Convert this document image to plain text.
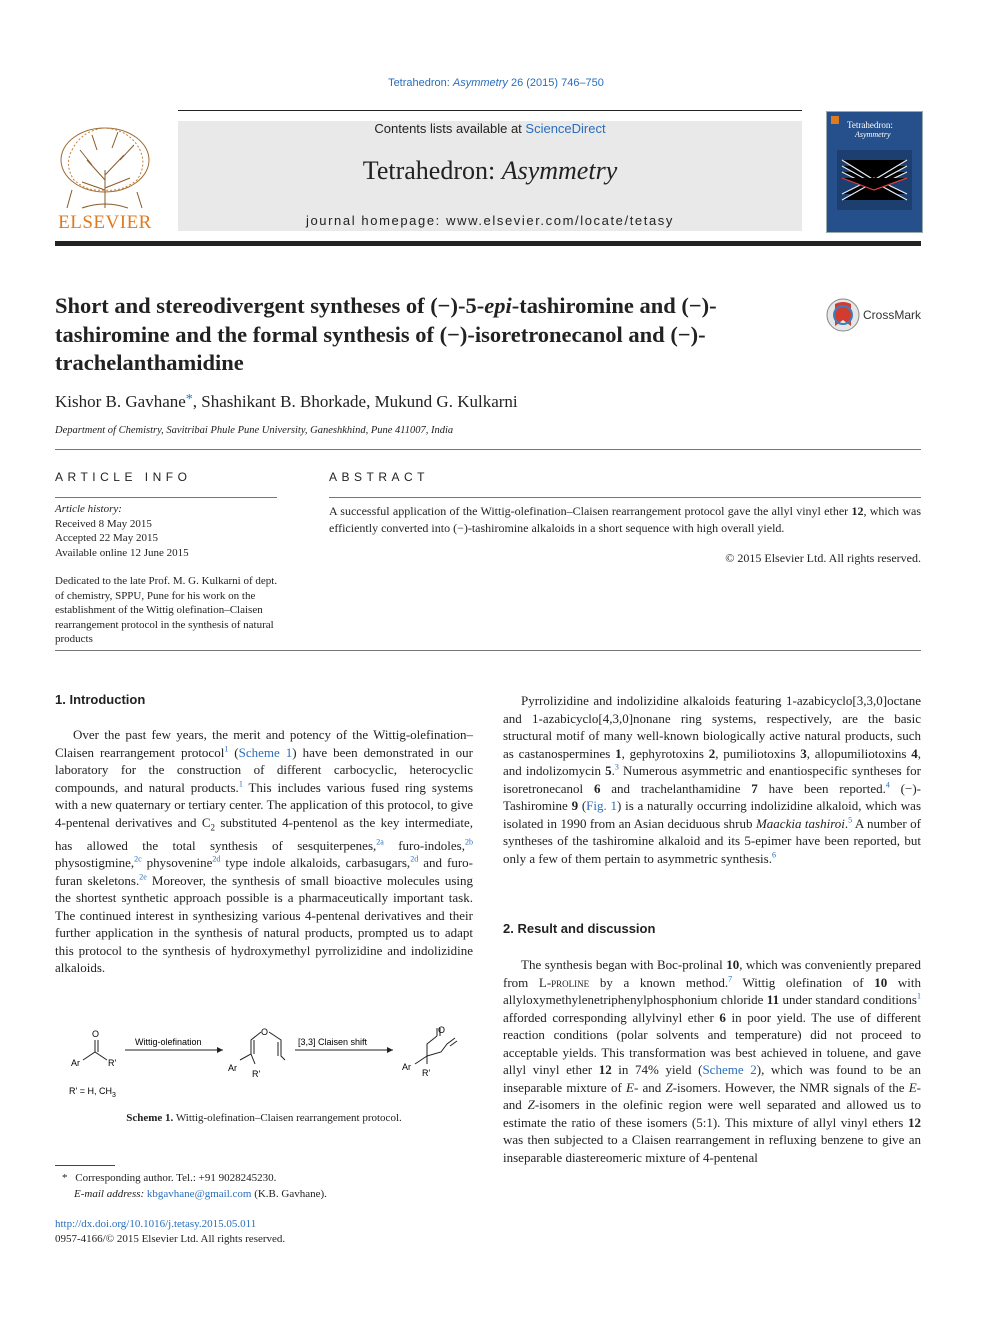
Tetrahedron: Asymmetry 26 (2015) 746–750
ELSEVIER
Contents lists available at ScienceDirect
Tetrahedron: Asymmetry
journal homepage: www.elsevier.com/locate/tetasy
Tetrahedron:
Asymmetry
Short and stereodivergent syntheses of (−)-5-epi-tashiromine and (−)-tashiromine and the formal synthesis of (−)-isoretronecanol and (−)-trachelanthamidine
CrossMark
Kishor B. Gavhane*, Shashikant B. Bhorkade, Mukund G. Kulkarni
Department of Chemistry, Savitribai Phule Pune University, Ganeshkhind, Pune 411007, India
ARTICLE INFO
Article history:
Received 8 May 2015
Accepted 22 May 2015
Available online 12 June 2015
Dedicated to the late Prof. M. G. Kulkarni of dept. of chemistry, SPPU, Pune for his work on the establishment of the Wittig olefination–Claisen rearrangement protocol in the synthesis of natural products
ABSTRACT
A successful application of the Wittig-olefination–Claisen rearrangement protocol gave the allyl vinyl ether 12, which was efficiently converted into (−)-tashiromine alkaloids in a short sequence with high overall yield.
© 2015 Elsevier Ltd. All rights reserved.
1. Introduction

Over the past few years, the merit and potency of the Wittig-olefination–Claisen rearrangement protocol$^1$ (Scheme 1) have been demonstrated in our laboratory for the construction of different carbocyclic, heterocyclic compounds, and natural products.$^1$ This includes various fused ring systems with a new quaternary or tertiary center. The application of this protocol, to give 4-pentenal derivatives and $C_2$ substituted 4-pentenol as the key intermediate, has allowed the total synthesis of sesquiterpenes,$^{2a}$ furo-indoles,$^{2b}$ physostigmine,$^{2c}$ physovenine$^{2d}$ type indole alkaloids, carbasugars,$^{2d}$ and furo-furan skeletons.$^{2e}$ Moreover, the synthesis of small bioactive molecules using the shortest synthetic approach possible is a pharmaceutically important task. The continued interest in synthesizing various 4-pentenal derivatives and their further application in the synthesis of natural products, prompted us to adapt this protocol to the synthesis of hydroxymethyl pyrrolizidine and indolizidine alkaloids.

O
Ar	R'
R' = H, $CH_3$
Wittig-olefination
O
Ar
R'
[3,3] Claisen shift
O
Ar
R'
Scheme 1. Wittig-olefination–Claisen rearrangement protocol.
* Corresponding author. Tel.: +91 9028245230.
E-mail address: kbgavhane@gmail.com (K.B. Gavhane).
http://dx.doi.org/10.1016/j.tetasy.2015.05.011
0957-4166/© 2015 Elsevier Ltd. All rights reserved.

Pyrrolizidine and indolizidine alkaloids featuring 1-azabicyclo[3,3,0]octane and 1-azabicyclo[4,3,0]nonane ring systems, respectively, are the basic structural motif of many well-known biologically active natural products, such as castanospermines 1, gephyrotoxins 2, pumiliotoxins 3, allopumiliotoxins 4, and indolizomycin 5.$^3$ Numerous asymmetric and enantiospecific syntheses for isoretronecanol 6 and trachelanthamidine 7 have been reported.$^4$ (−)-Tashiromine 9 (Fig. 1) is a naturally occurring indolizidine alkaloid, which was isolated in 1990 from an Asian deciduous shrub Maackia tashiroi.$^5$ A number of syntheses of the tashiromine alkaloid and its 5-epimer have been reported, but only a few of them pertain to asymmetric synthesis.$^6$

2. Result and discussion

The synthesis began with Boc-prolinal 10, which was conveniently prepared from L-proline by a known method.$^7$ Wittig olefination of 10 with allyloxymethylenetriphenylphosphonium chloride 11 under standard conditions$^1$ afforded corresponding allylvinyl ether 6 in poor yield. The use of different reaction conditions (polar solvents and temperature) did not proceed to acceptable yields. This transformation was best achieved in toluene, and gave allyl vinyl ether 12 in 74% yield (Scheme 2), which was found to be an inseparable mixture of E- and Z-isomers. However, the NMR signals of the E- and Z-isomers in the olefinic region were well separated and allowed us to estimate the ratio of these isomers (5:1). This mixture of allyl vinyl ethers 12 was then subjected to a Claisen rearrangement in refluxing benzene to give an inseparable diastereomeric mixture of 4-pentenal
